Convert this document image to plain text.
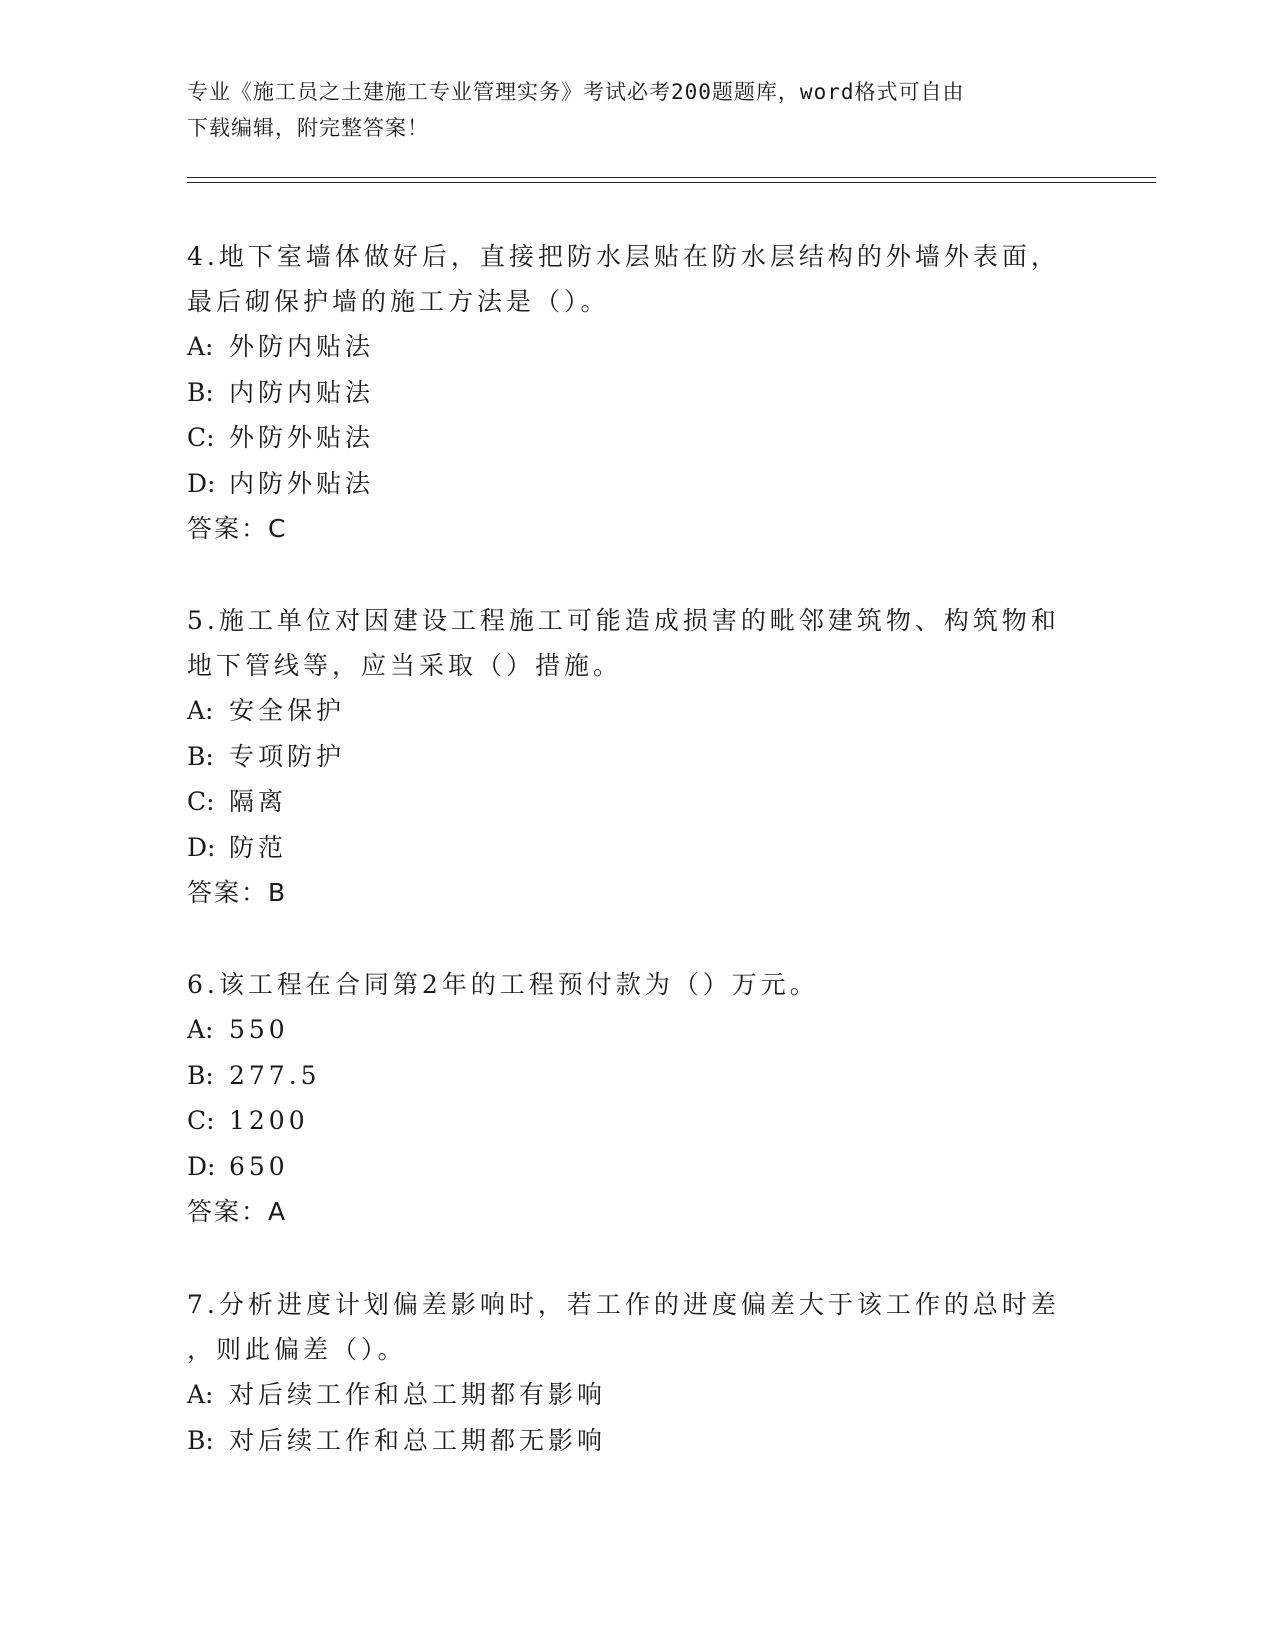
专业《施工员之土建施工专业管理实务》考试必考200题题库，word格式可自由
下载编辑，附完整答案！

4.地下室墙体做好后，直接把防水层贴在防水层结构的外墙外表面，

最后砌保护墙的施工方法是（）。

A: 外防内贴法
B: 内防内贴法
C: 外防外贴法
D: 内防外贴法

答案：C

5.施工单位对因建设工程施工可能造成损害的毗邻建筑物、构筑物和

地下管线等，应当采取（）措施。

A: 安全保护
B: 专项防护
C: 隔离
D: 防范

答案：B

6.该工程在合同第2年的工程预付款为（）万元。

A: 550
B: 277.5
C: 1200
D: 650

答案：A

7.分析进度计划偏差影响时，若工作的进度偏差大于该工作的总时差

，则此偏差（）。

A: 对后续工作和总工期都有影响
B: 对后续工作和总工期都无影响
